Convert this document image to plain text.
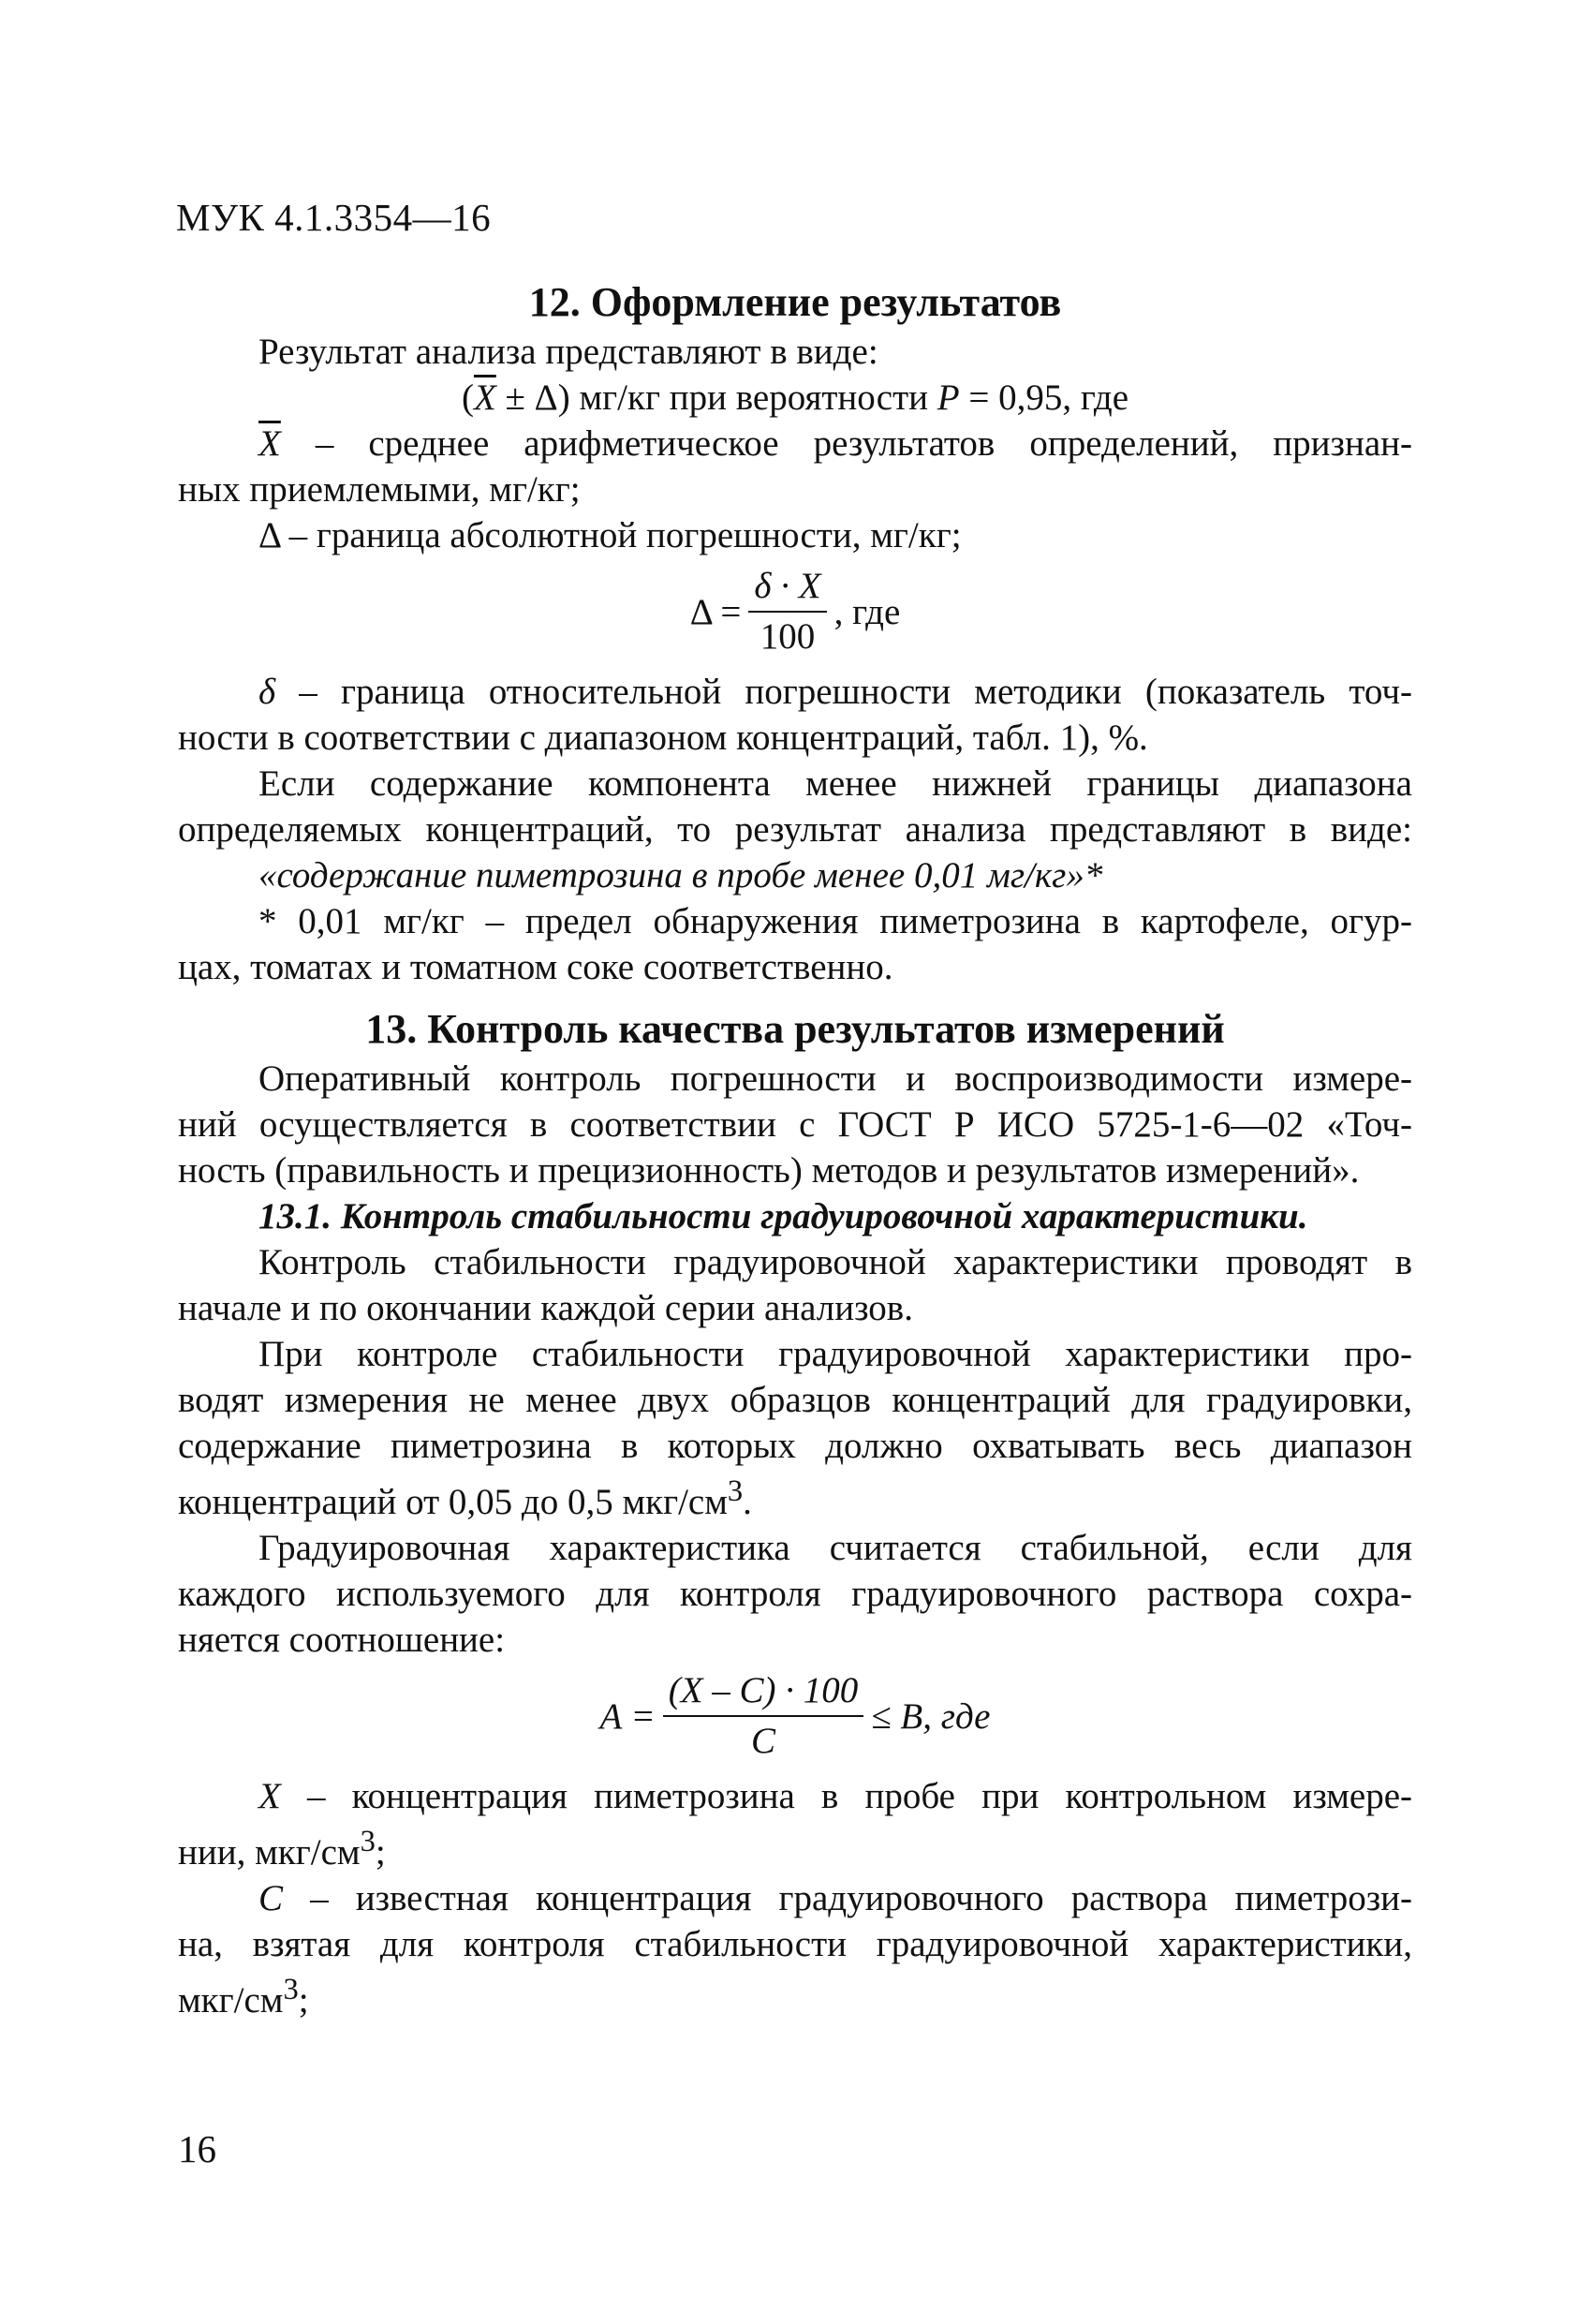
МУК 4.1.3354—16
12. Оформление результатов

Результат анализа представляют в виде:

$(\overline{X} \pm \Delta)$ мг/кг при вероятности P = 0,95, где

$\overline{X}$ – среднее арифметическое результатов определений, признан-

ных приемлемыми, мг/кг;

Δ – граница абсолютной погрешности, мг/кг;

$\Delta = \frac{\delta \cdot X}{100}$ , где

δ – граница относительной погрешности методики (показатель точ-

ности в соответствии с диапазоном концентраций, табл. 1), %.

Если содержание компонента менее нижней границы диапазона

определяемых концентраций, то результат анализа представляют в виде:

«содержание пиметрозина в пробе менее 0,01 мг/кг»*

* 0,01 мг/кг – предел обнаружения пиметрозина в картофеле, огур-

цах, томатах и томатном соке соответственно.

13. Контроль качества результатов измерений

Оперативный контроль погрешности и воспроизводимости измере-

ний осуществляется в соответствии с ГОСТ Р ИСО 5725-1-6—02 «Точ-

ность (правильность и прецизионность) методов и результатов измерений».

13.1. Контроль стабильности градуировочной характеристики.

Контроль стабильности градуировочной характеристики проводят в

начале и по окончании каждой серии анализов.

При контроле стабильности градуировочной характеристики про-

водят измерения не менее двух образцов концентраций для градуировки,

содержание пиметрозина в которых должно охватывать весь диапазон

концентраций от 0,05 до 0,5 мкг/$см^3$.

Градуировочная характеристика считается стабильной, если для

каждого используемого для контроля градуировочного раствора сохра-

няется соотношение:

$A = \frac{(X - C) \cdot 100}{C} \le B$, где

X – концентрация пиметрозина в пробе при контрольном измере-

нии, мкг/$см^3$;

C – известная концентрация градуировочного раствора пиметрози-

на, взятая для контроля стабильности градуировочной характеристики,

мкг/$см^3$;

16
